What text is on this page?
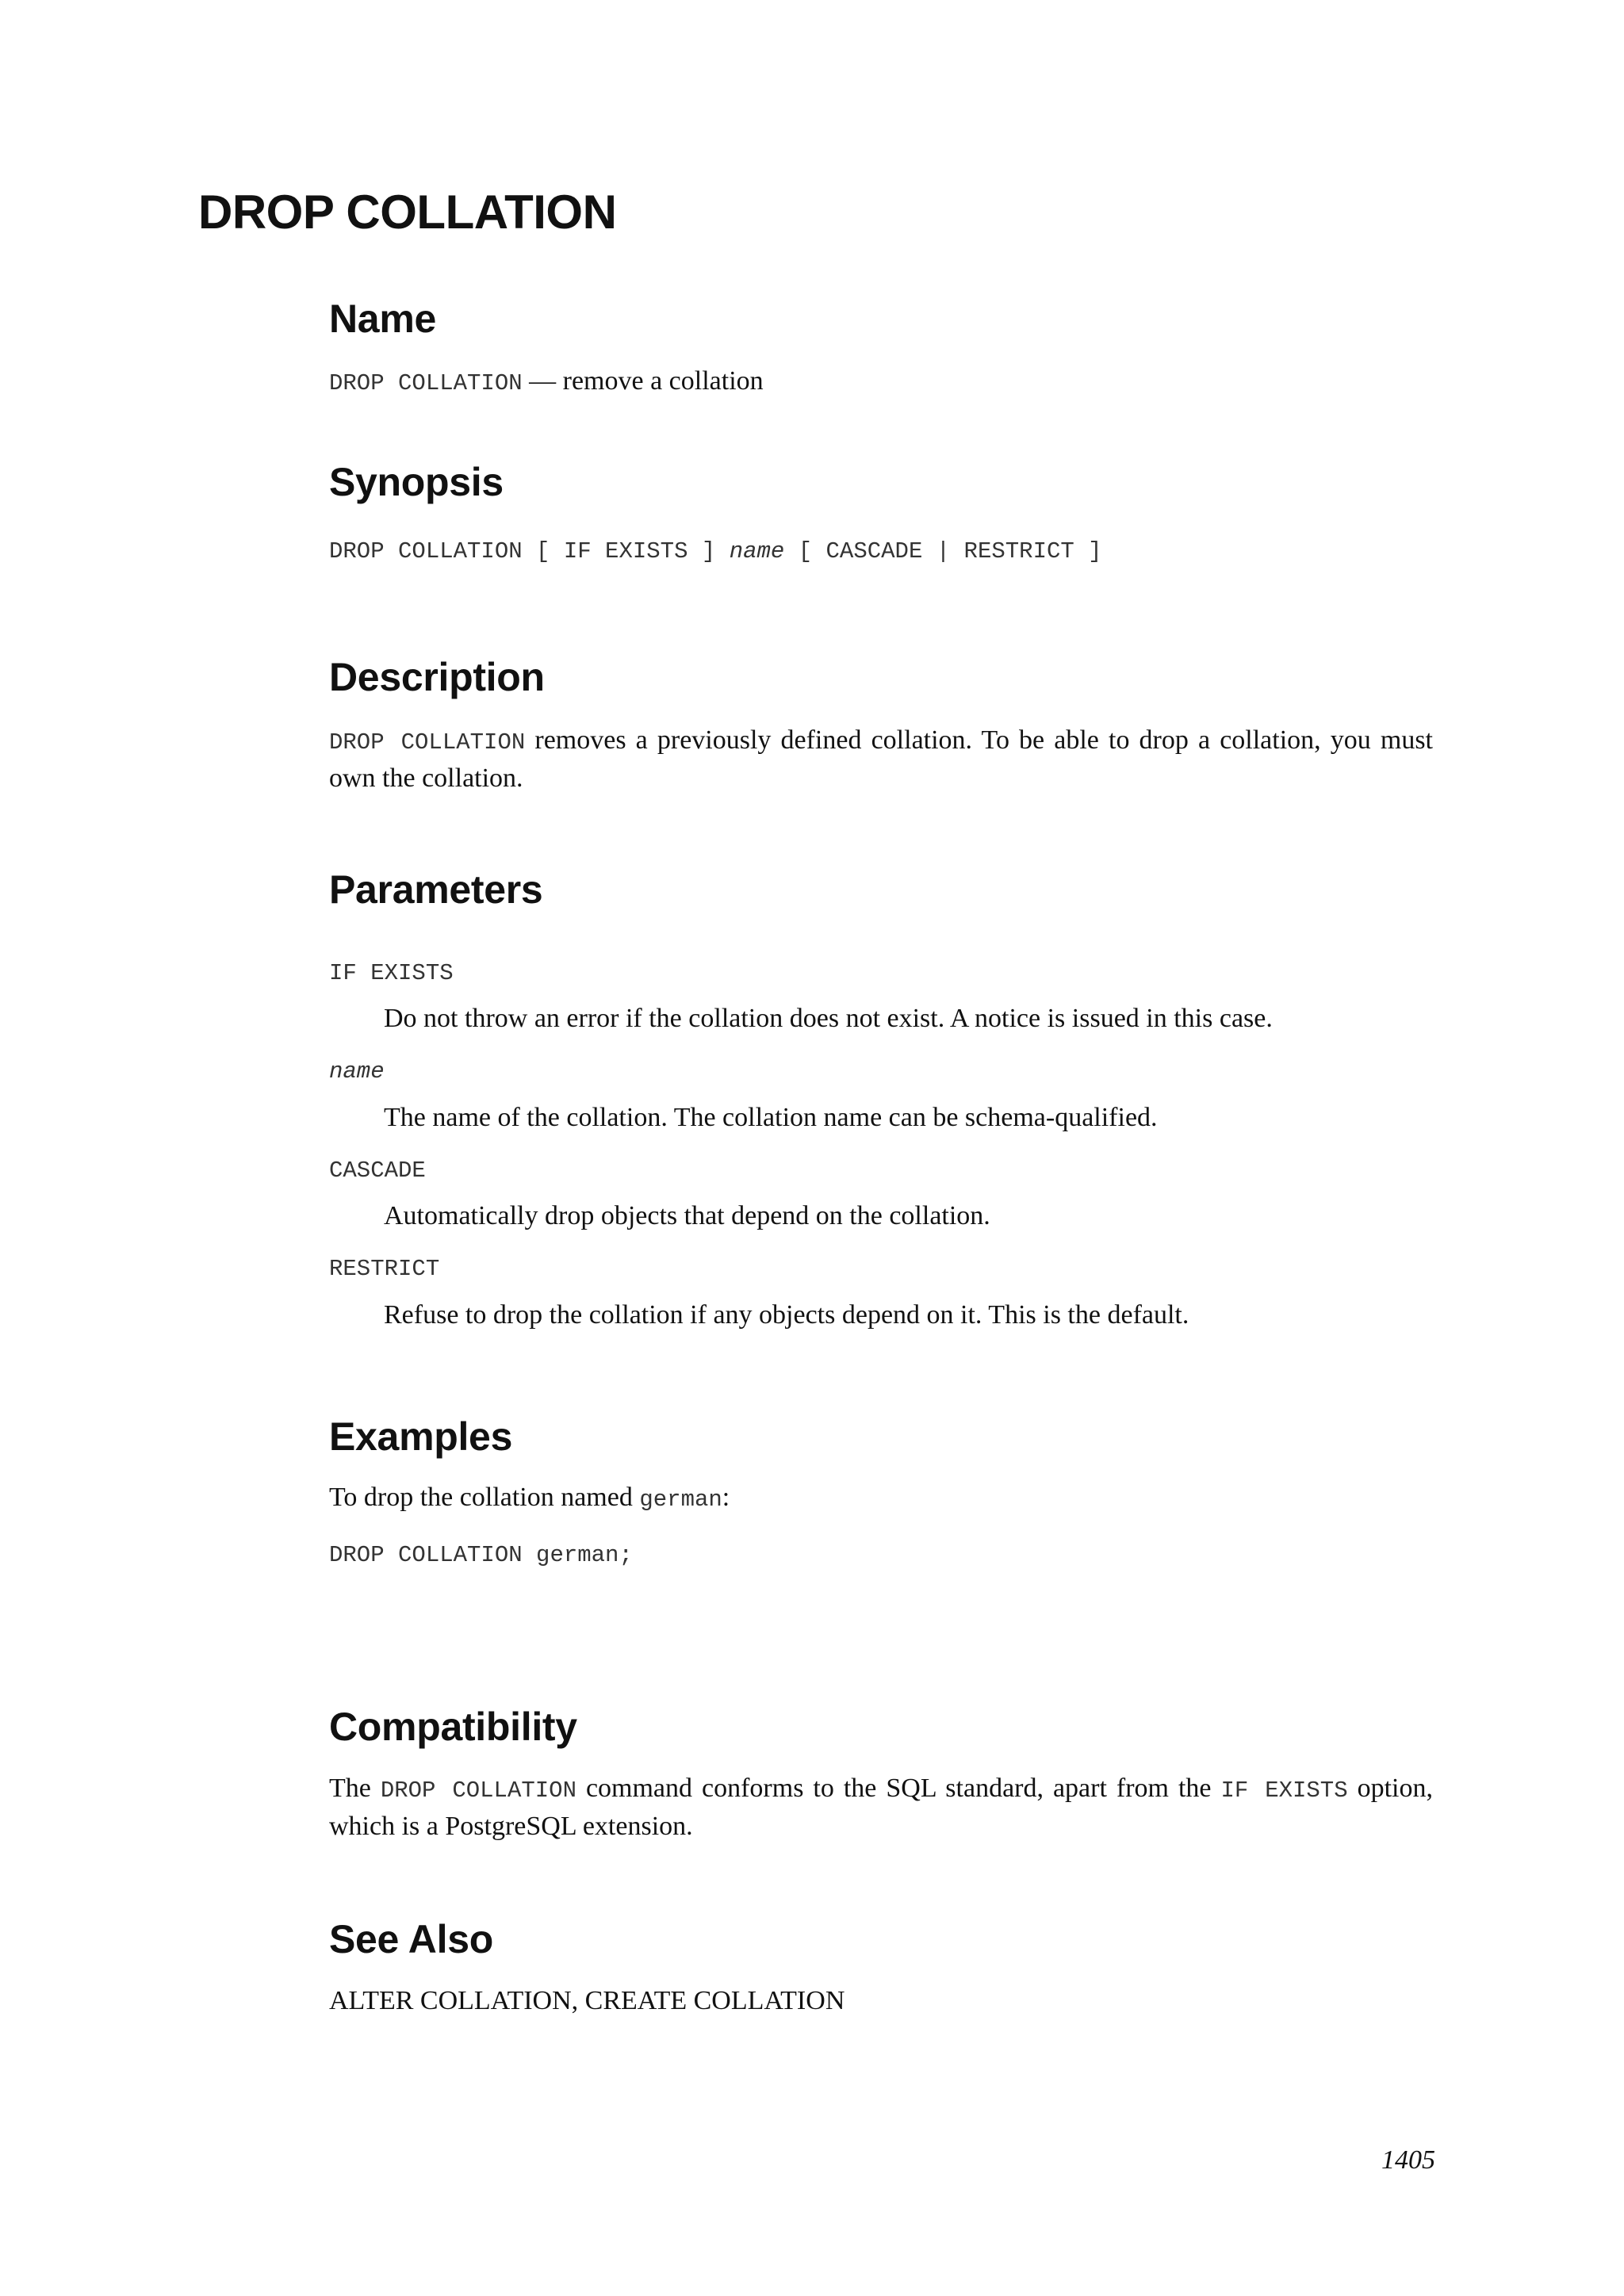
DROP COLLATION
Name

DROP COLLATION — remove a collation

Synopsis

DROP COLLATION [ IF EXISTS ] name [ CASCADE | RESTRICT ]

Description

DROP COLLATION removes a previously defined collation. To be able to drop a collation, you must own the collation.

Parameters

IF EXISTS

Do not throw an error if the collation does not exist. A notice is issued in this case.

name

The name of the collation. The collation name can be schema-qualified.

CASCADE

Automatically drop objects that depend on the collation.

RESTRICT

Refuse to drop the collation if any objects depend on it. This is the default.

Examples

To drop the collation named german:

DROP COLLATION german;

Compatibility

The DROP COLLATION command conforms to the SQL standard, apart from the IF EXISTS option, which is a PostgreSQL extension.

See Also

ALTER COLLATION, CREATE COLLATION

1405
